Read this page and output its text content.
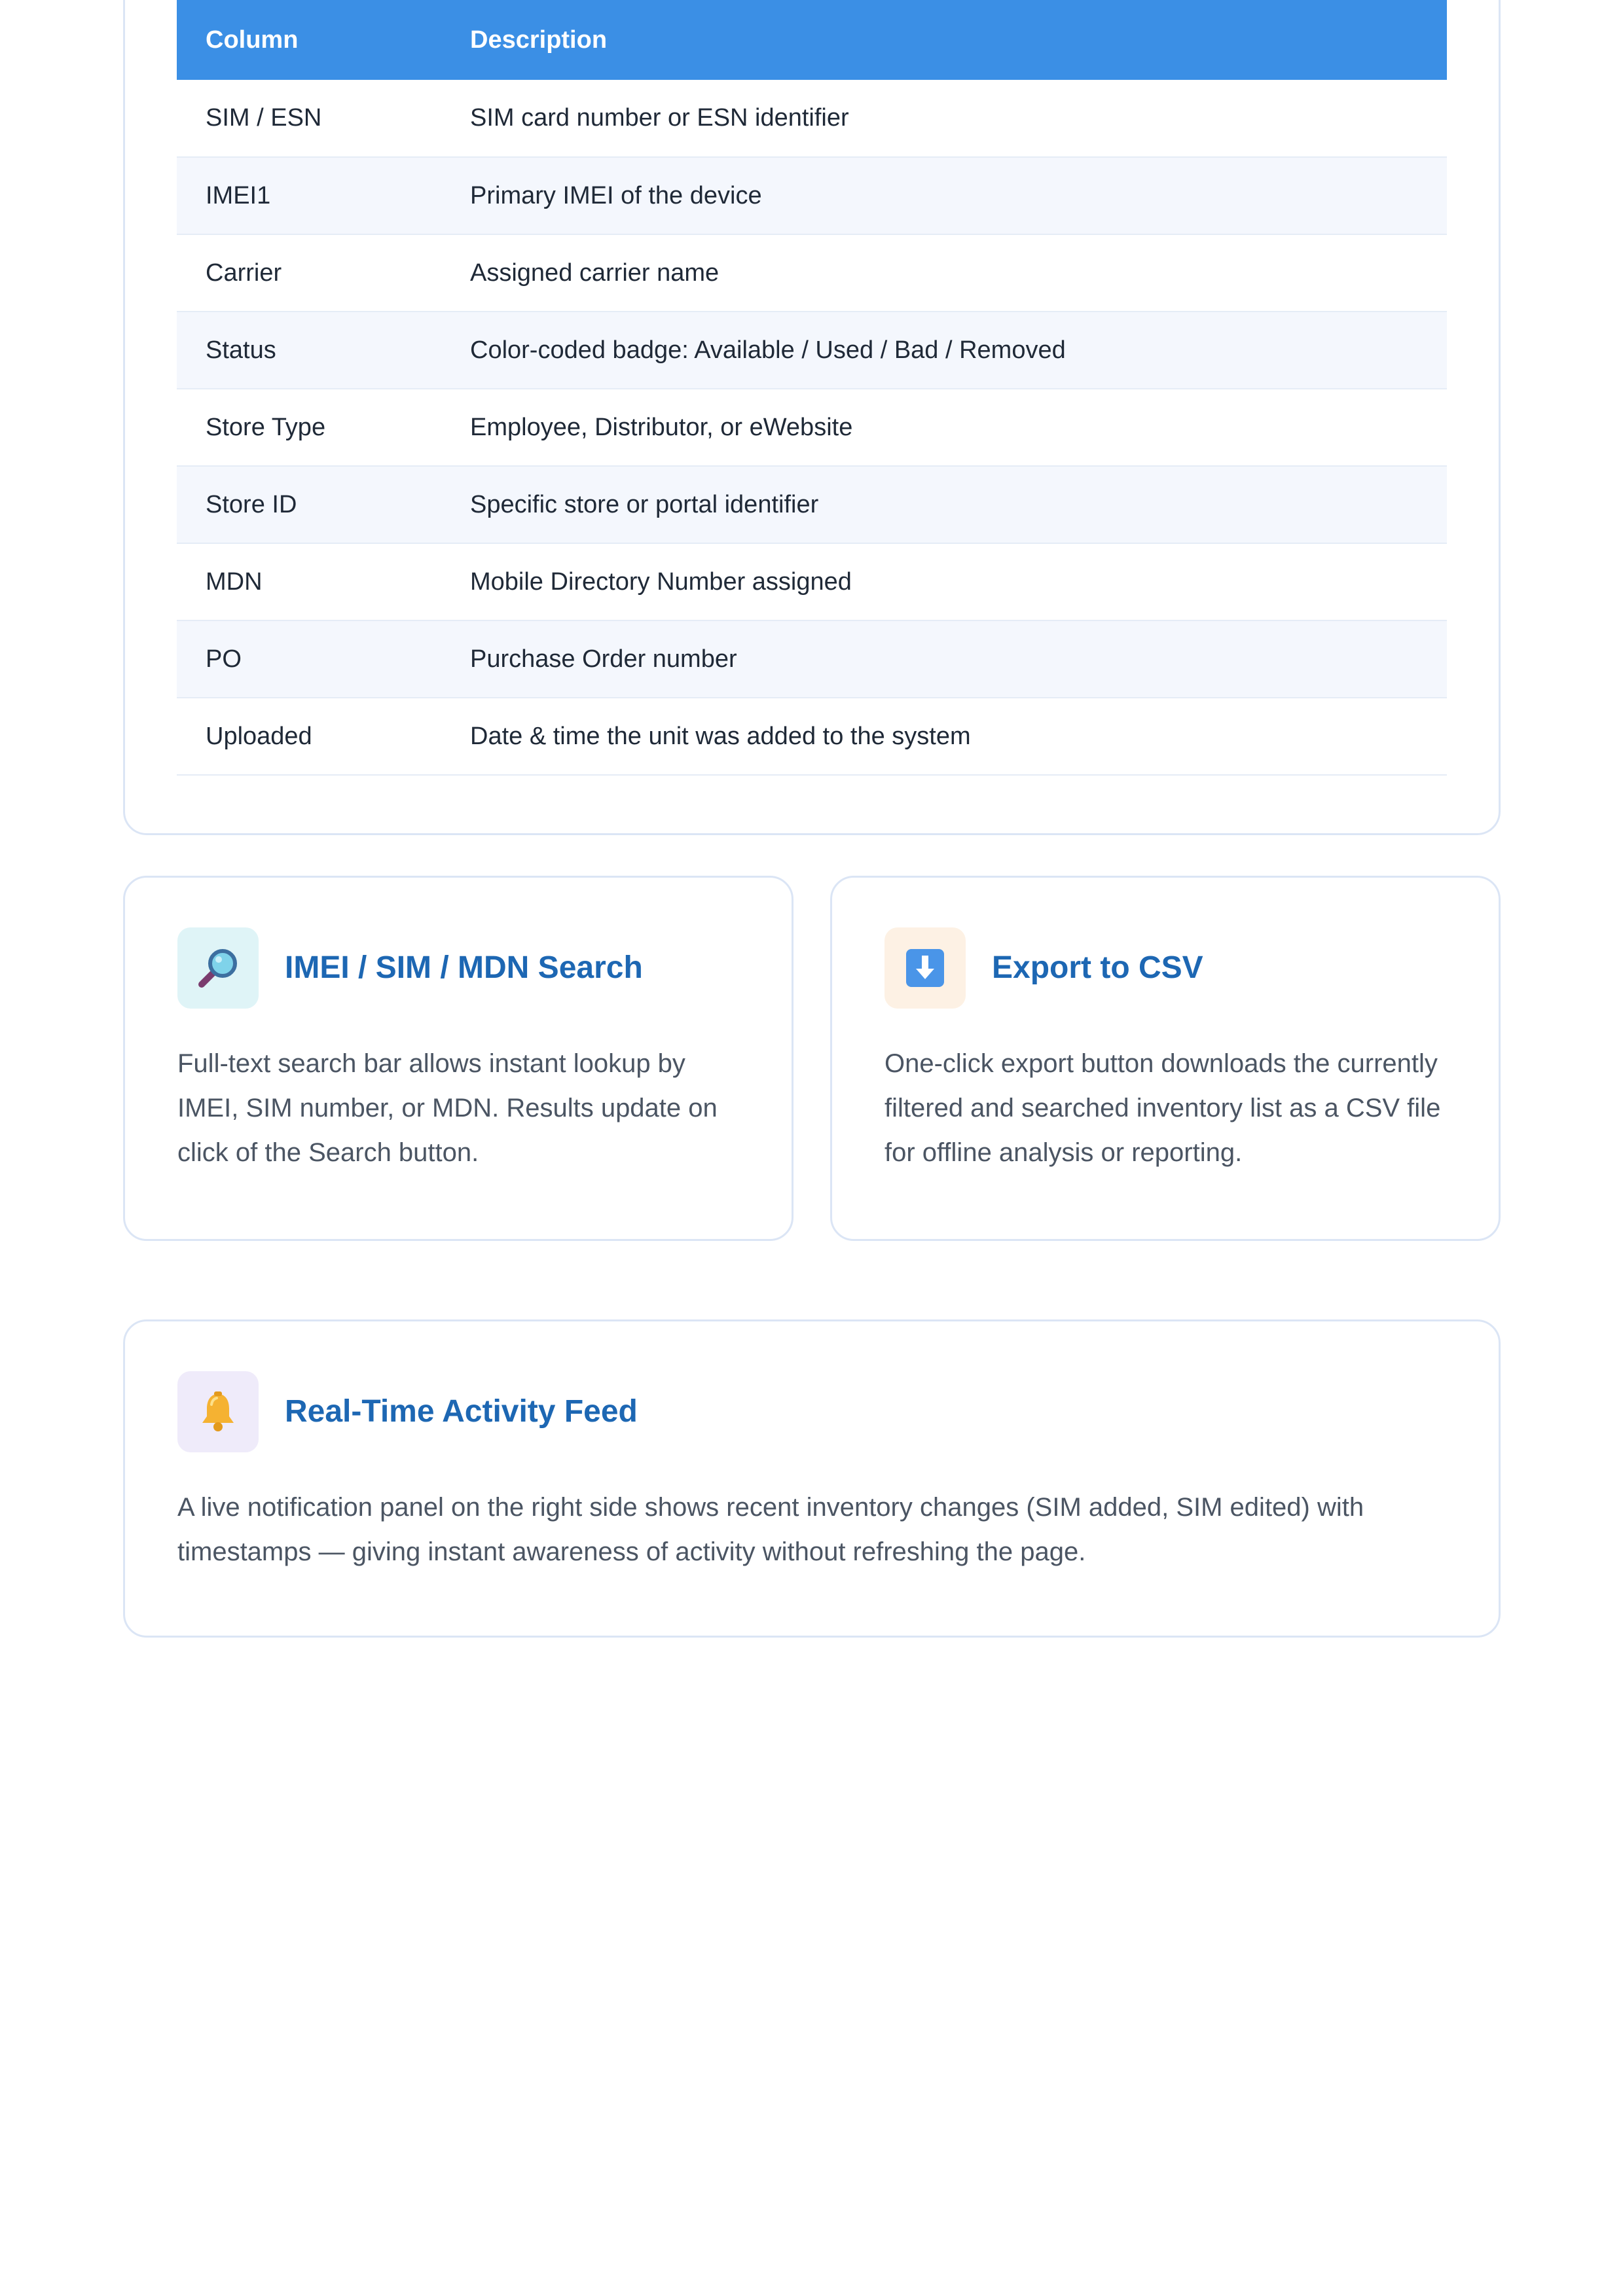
Column	Description
SIM / ESN	SIM card number or ESN identifier
IMEI1	Primary IMEI of the device
Carrier	Assigned carrier name
Status	Color-coded badge: Available / Used / Bad / Removed
Store Type	Employee, Distributor, or eWebsite
Store ID	Specific store or portal identifier
MDN	Mobile Directory Number assigned
PO	Purchase Order number
Uploaded	Date & time the unit was added to the system
IMEI / SIM / MDN Search
Full-text search bar allows instant lookup by IMEI, SIM number, or MDN. Results update on click of the Search button.
Export to CSV
One-click export button downloads the currently filtered and searched inventory list as a CSV file for offline analysis or reporting.
Real-Time Activity Feed
A live notification panel on the right side shows recent inventory changes (SIM added, SIM edited) with timestamps — giving instant awareness of activity without refreshing the page.
